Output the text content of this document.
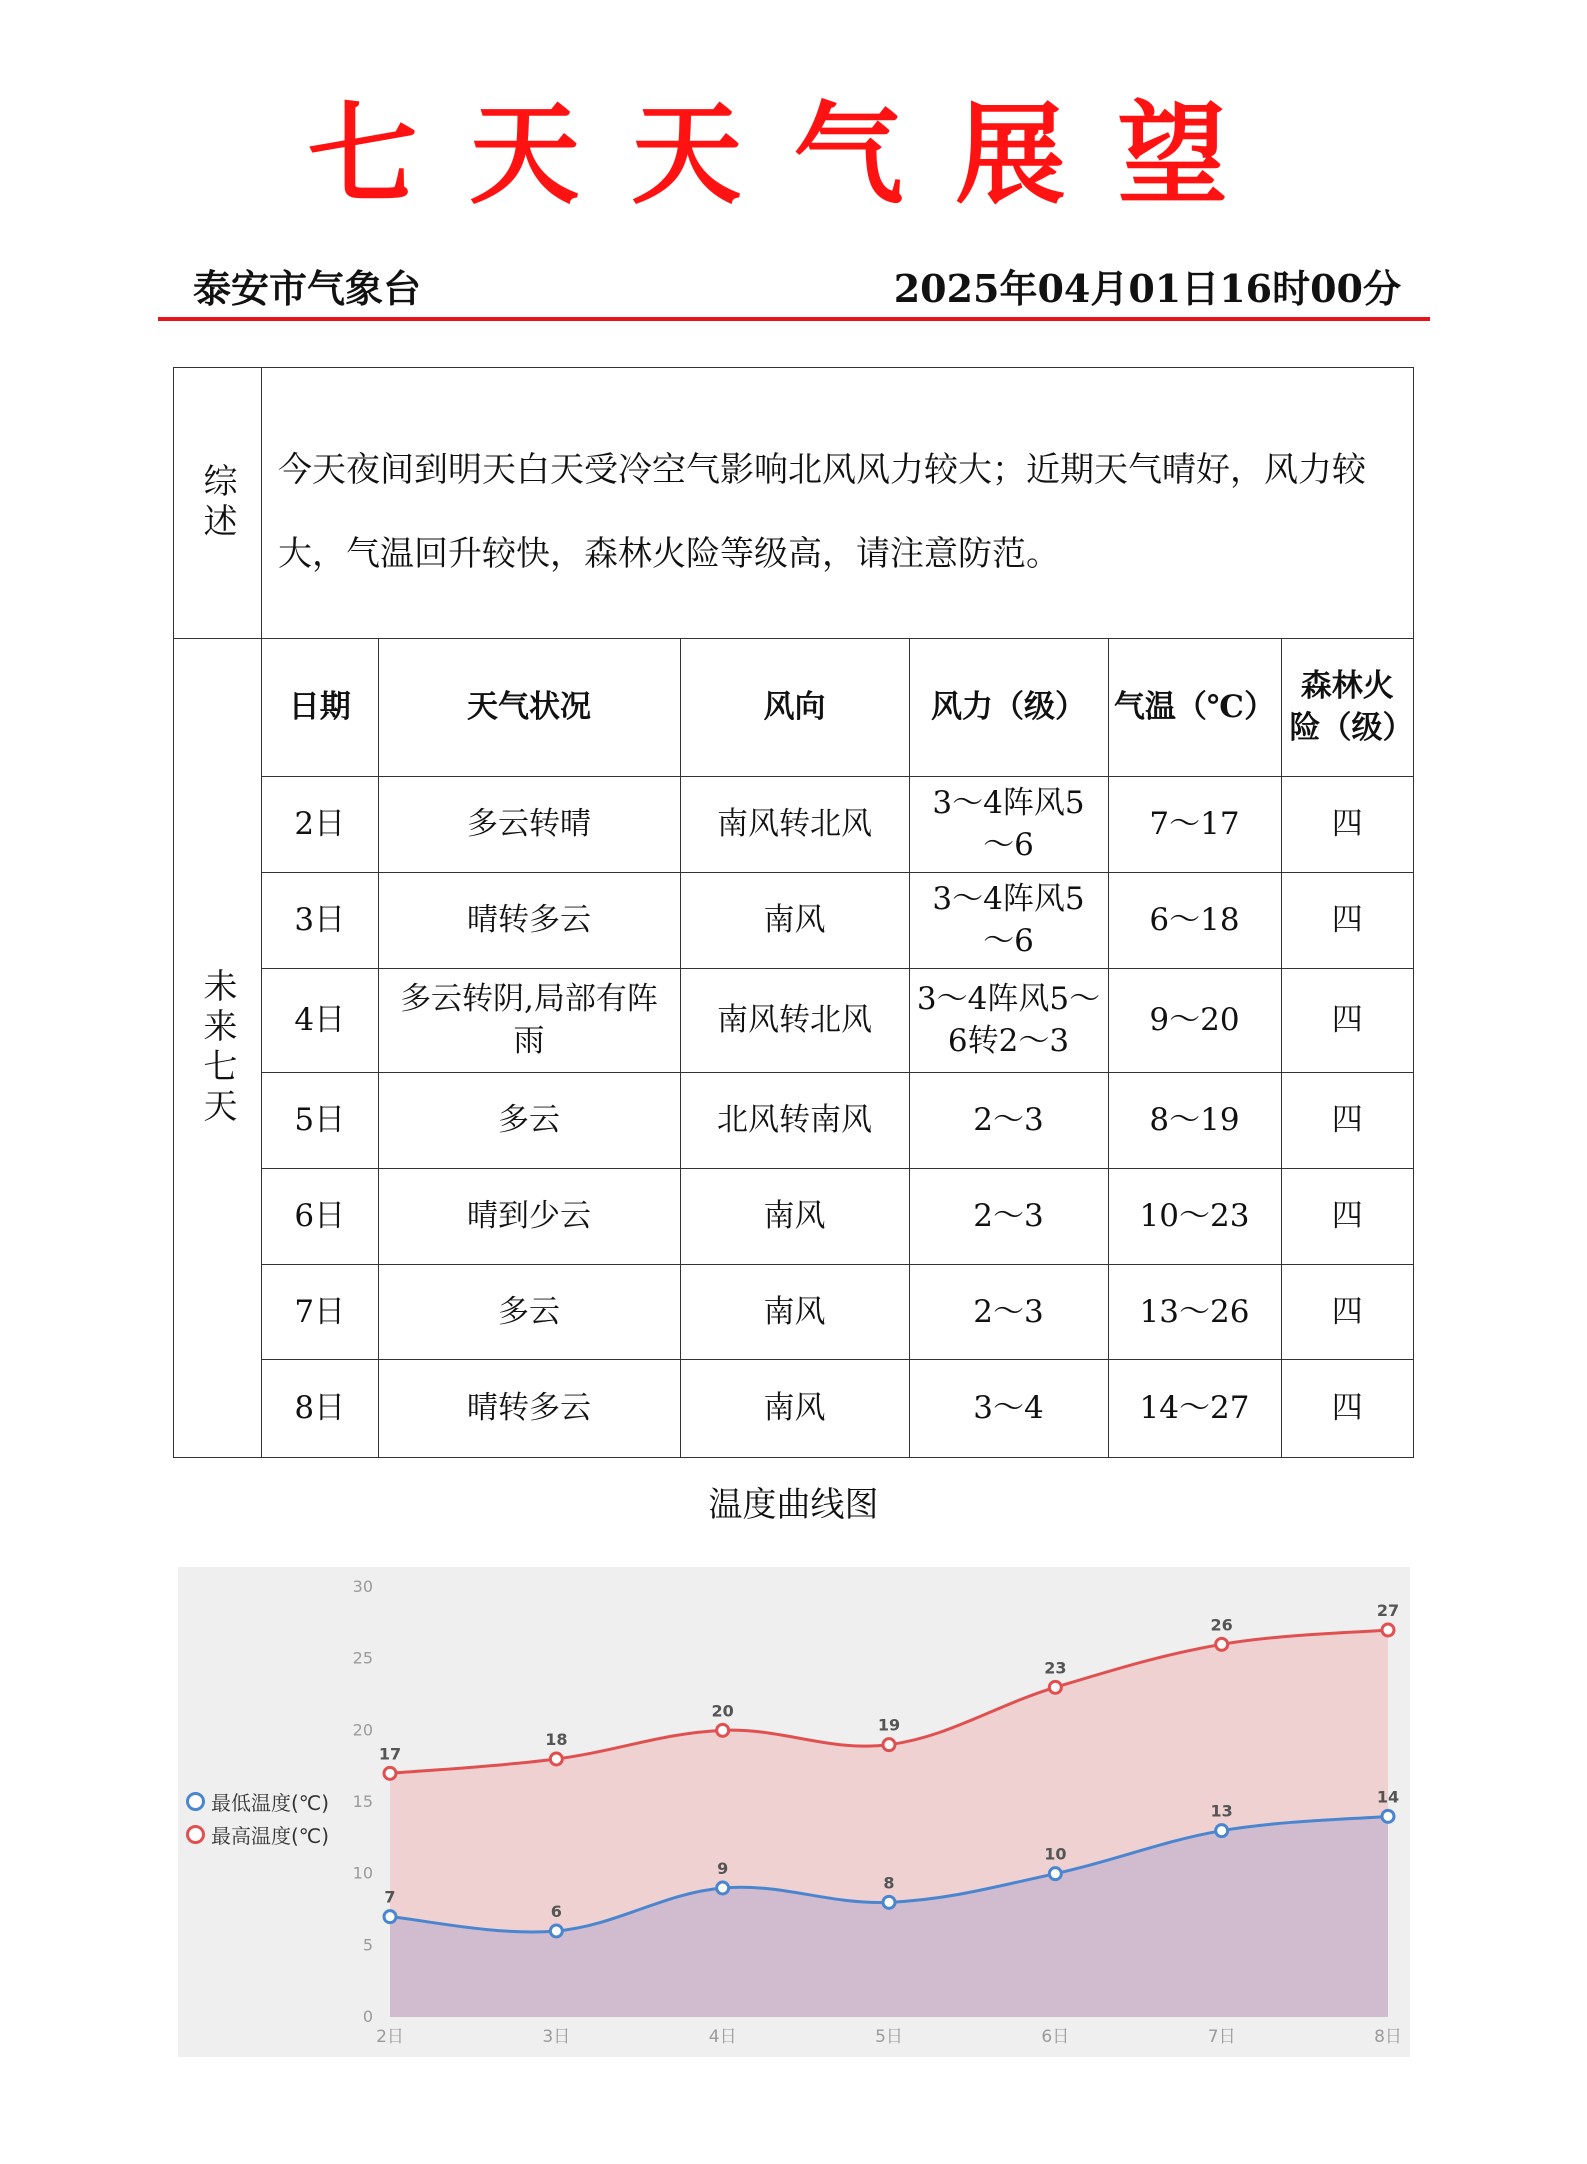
七天天气展望
泰安市气象台	2025年04月01日16时00分
综述 今天夜间到明天白天受冷空气影响北风风力较大；近期天气晴好，风力较大，气温回升较快，森林火险等级高，请注意防范。
未来七天
日期	天气状况	风向	风力（级）	气温（℃）	森林火险（级）
2日	多云转晴	南风转北风	3～4阵风5～6	7～17	四
3日	晴转多云	南风	3～4阵风5～6	6～18	四
4日	多云转阴,局部有阵雨	南风转北风	3～4阵风5～6转2～3	9～20	四
5日	多云	北风转南风	2～3	8～19	四
6日	晴到少云	南风	2～3	10～23	四
7日	多云	南风	2～3	13～26	四
8日	晴转多云	南风	3～4	14～27	四
温度曲线图
0
5
10
15
20
25
30
2日	3日	4日	5日	6日	7日	8日
7
6
9
8
10
13
14
17
18
20
19
23
26
27
最低温度(℃)
最高温度(℃)
